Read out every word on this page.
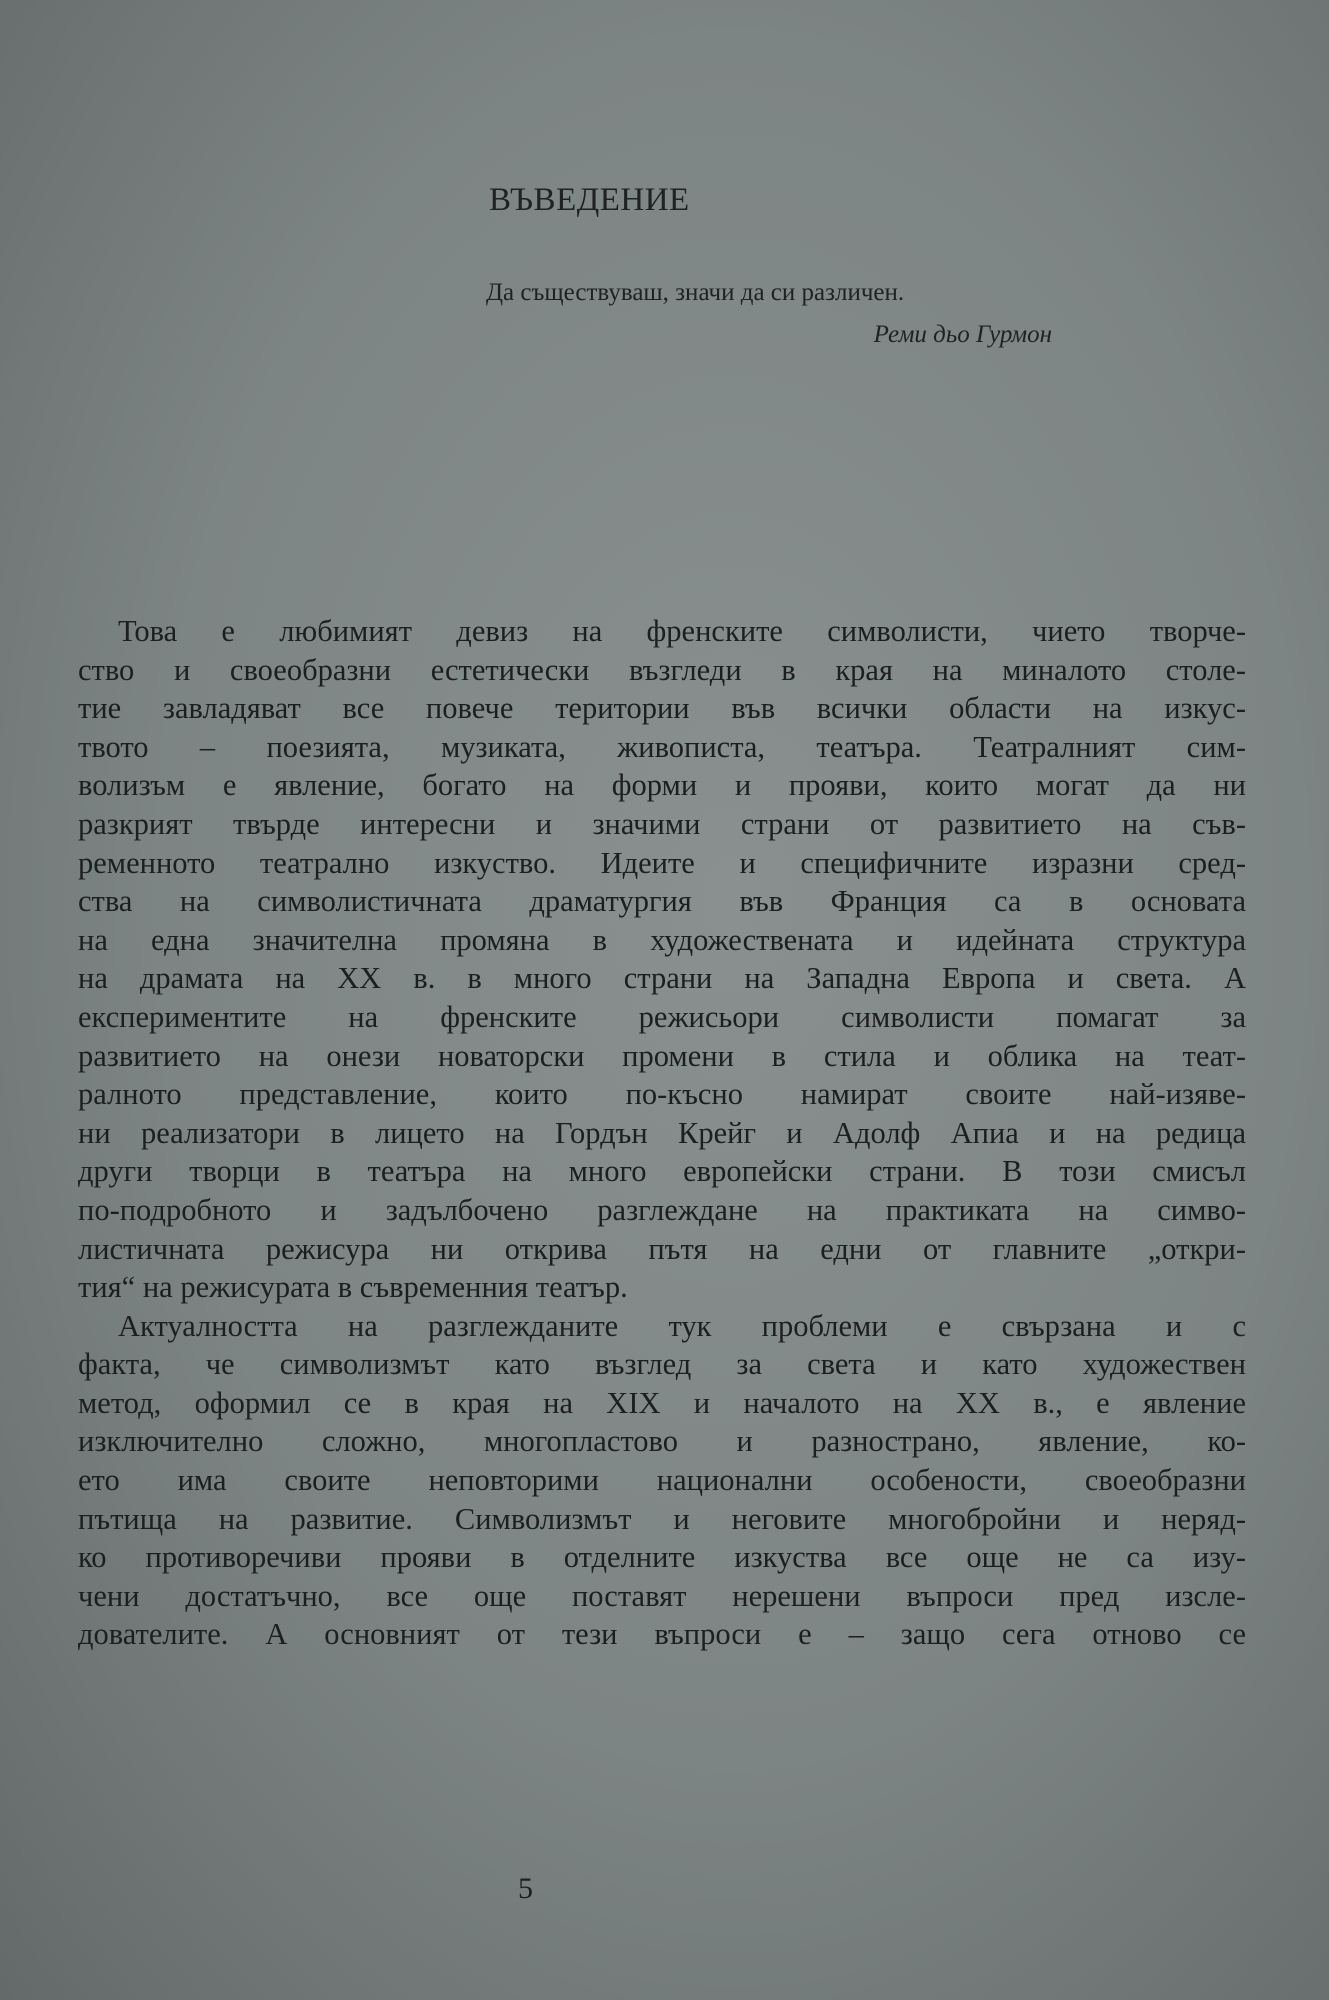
ВЪВЕДЕНИЕ
Да съществуваш, значи да си различен.
Реми дьо Гурмон
Това е любимият девиз на френските символисти, чието творче-
ство и своеобразни естетически възгледи в края на миналото столе-
тие завладяват все повече територии във всички области на изкус-
твото – поезията, музиката, живописта, театъра. Театралният сим-
волизъм е явление, богато на форми и прояви, които могат да ни
разкрият твърде интересни и значими страни от развитието на съв-
ременното театрално изкуство. Идеите и специфичните изразни сред-
ства на символистичната драматургия във Франция са в основата
на една значителна промяна в художествената и идейната структура
на драмата на XX в. в много страни на Западна Европа и света. А
експериментите на френските режисьори символисти помагат за
развитието на онези новаторски промени в стила и облика на теат-
ралното представление, които по-късно намират своите най-изяве-
ни реализатори в лицето на Гордън Крейг и Адолф Апиа и на редица
други творци в театъра на много европейски страни. В този смисъл
по-подробното и задълбочено разглеждане на практиката на симво-
листичната режисура ни открива пътя на едни от главните „откри-
тия“ на режисурата в съвременния театър.
Актуалността на разглежданите тук проблеми е свързана и с
факта, че символизмът като възглед за света и като художествен
метод, оформил се в края на XIX и началото на XX в., е явление
изключително сложно, многопластово и разнострано, явление, ко-
ето има своите неповторими национални особености, своеобразни
пътища на развитие. Символизмът и неговите многобройни и неряд-
ко противоречиви прояви в отделните изкуства все още не са изу-
чени достатъчно, все още поставят нерешени въпроси пред изсле-
дователите. А основният от тези въпроси е – защо сега отново се
5
